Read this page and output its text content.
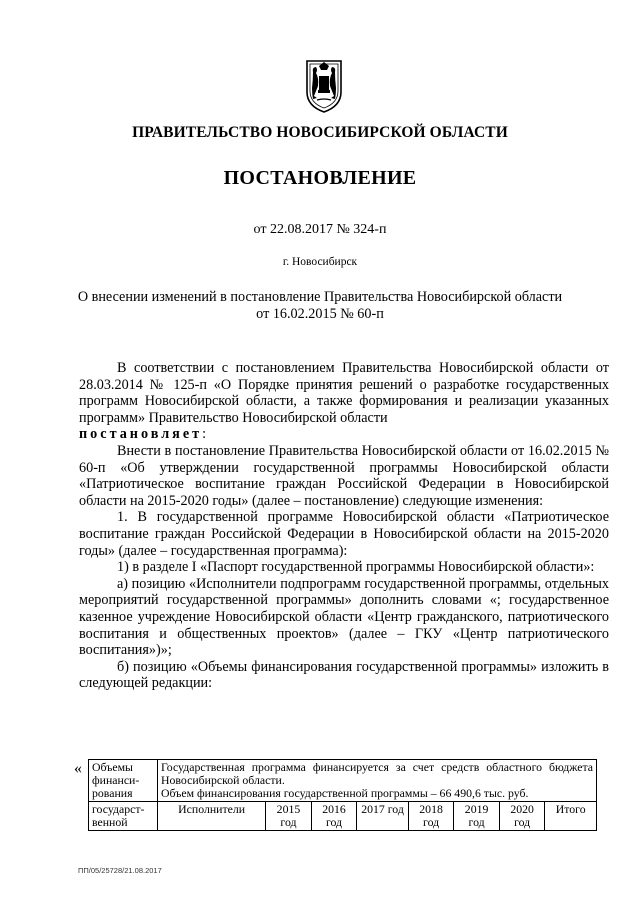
ПРАВИТЕЛЬСТВО НОВОСИБИРСКОЙ ОБЛАСТИ
ПОСТАНОВЛЕНИЕ
от 22.08.2017 № 324-п
г. Новосибирск
О внесении изменений в постановление Правительства Новосибирской области
от 16.02.2015 № 60-п

В соответствии с постановлением Правительства Новосибирской области от 28.03.2014 № 125-п «О Порядке принятия решений о разработке государственных программ Новосибирской области, а также формирования и реализации указанных программ» Правительство Новосибирской области
постановляет:

Внести в постановление Правительства Новосибирской области от 16.02.2015 № 60-п «Об утверждении государственной программы Новосибирской области «Патриотическое воспитание граждан Российской Федерации в Новосибирской области на 2015-2020 годы» (далее – постановление) следующие изменения:

1. В государственной программе Новосибирской области «Патриотическое воспитание граждан Российской Федерации в Новосибирской области на 2015-2020 годы» (далее – государственная программа):

1) в разделе I «Паспорт государственной программы Новосибирской области»:

а) позицию «Исполнители подпрограмм государственной программы, отдельных мероприятий государственной программы» дополнить словами «; государственное казенное учреждение Новосибирской области «Центр гражданского, патриотического воспитания и общественных проектов» (далее – ГКУ «Центр патриотического воспитания»)»;

б) позицию «Объемы финансирования государственной программы» изложить в следующей редакции:

« Объемы финанси-рования	Государственная программа финансируется за счет средств областного бюджета Новосибирской области.
Объем финансирования государственной программы – 66 490,6 тыс. руб.							

государст-венной	Исполнители	2015 год	2016 год	2017 год	2018 год	2019 год	2020 год	Итого
ПП/05/25728/21.08.2017
